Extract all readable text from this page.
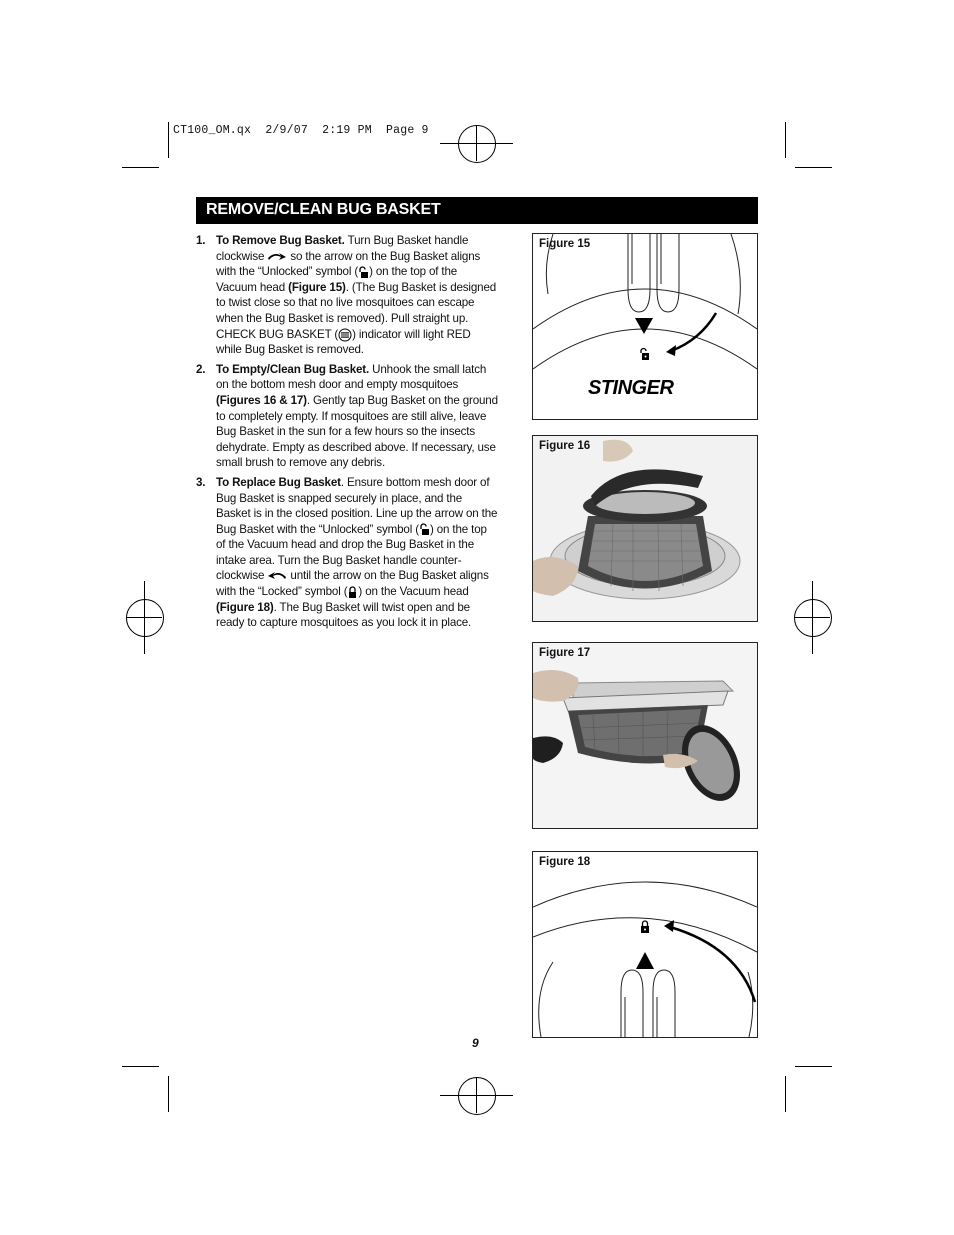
CT100_OM.qx  2/9/07  2:19 PM  Page 9
REMOVE/CLEAN BUG BASKET
1. To Remove Bug Basket. Turn Bug Basket handle clockwise  so the arrow on the Bug Basket aligns with the “Unlocked” symbol ( ) on the top of the Vacuum head (Figure 15). (The Bug Basket is designed to twist close so that no live mosquitoes can escape when the Bug Basket is removed). Pull straight up. CHECK BUG BASKET ( ) indicator will light RED while Bug Basket is removed.
2. To Empty/Clean Bug Basket. Unhook the small latch on the bottom mesh door and empty mosquitoes (Figures 16 & 17). Gently tap Bug Basket on the ground to completely empty. If mosquitoes are still alive, leave Bug Basket in the sun for a few hours so the insects dehydrate. Empty as described above. If necessary, use small brush to remove any debris.
3. To Replace Bug Basket. Ensure bottom mesh door of Bug Basket is snapped securely in place, and the Basket is in the closed position. Line up the arrow on the Bug Basket with the “Unlocked” symbol ( ) on the top of the Vacuum head and drop the Bug Basket in the intake area. Turn the Bug Basket handle counter-clockwise  until the arrow on the Bug Basket aligns with the “Locked” symbol ( ) on the Vacuum head (Figure 18). The Bug Basket will twist open and be ready to capture mosquitoes as you lock it in place.
Figure 15
STINGER
Figure 16
Figure 17
Figure 18
9
